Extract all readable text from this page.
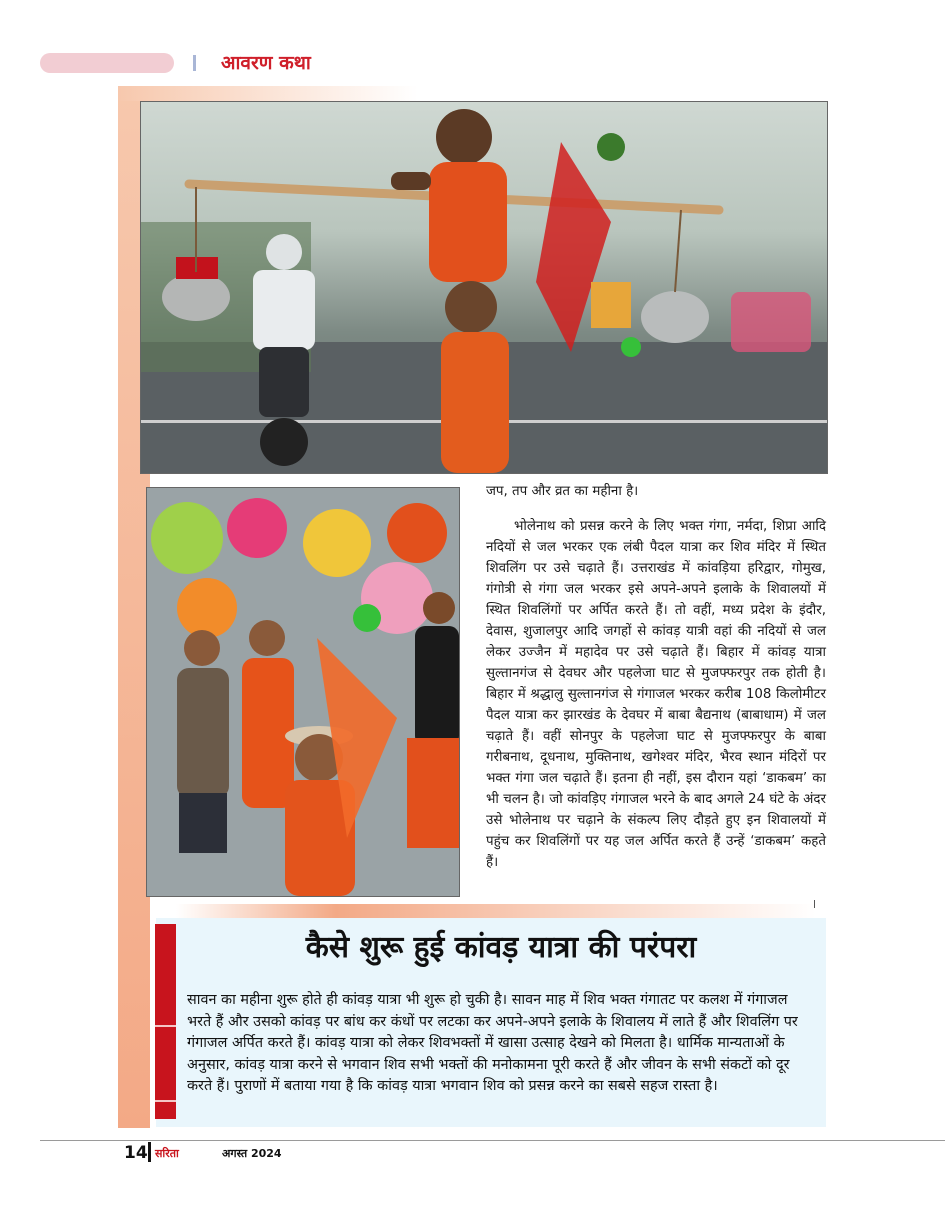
आवरण कथा

जप, तप और व्रत का महीना है।

भोलेनाथ को प्रसन्न करने के लिए भक्त गंगा, नर्मदा, शिप्रा आदि नदियों से जल भरकर एक लंबी पैदल यात्रा कर शिव मंदिर में स्थित शिवलिंग पर उसे चढ़ाते हैं। उत्तराखंड में कांवड़िया हरिद्वार, गोमुख, गंगोत्री से गंगा जल भरकर इसे अपने-अपने इलाके के शिवालयों में स्थित शिवलिंगों पर अर्पित करते हैं। तो वहीं, मध्य प्रदेश के इंदौर, देवास, शुजालपुर आदि जगहों से कांवड़ यात्री वहां की नदियों से जल लेकर उज्जैन में महादेव पर उसे चढ़ाते हैं। बिहार में कांवड़ यात्रा सुल्तानगंज से देवघर और पहलेजा घाट से मुजफ्फरपुर तक होती है। बिहार में श्रद्धालु सुल्तानगंज से गंगाजल भरकर करीब 108 किलोमीटर पैदल यात्रा कर झारखंड के देवघर में बाबा बैद्यनाथ (बाबाधाम) में जल चढ़ाते हैं। वहीं सोनपुर के पहलेजा घाट से मुजफ्फरपुर के बाबा गरीबनाथ, दूधनाथ, मुक्तिनाथ, खगेश्वर मंदिर, भैरव स्थान मंदिरों पर भक्त गंगा जल चढ़ाते हैं। इतना ही नहीं, इस दौरान यहां ‘डाकबम’ का भी चलन है। जो कांवड़िए गंगाजल भरने के बाद अगले 24 घंटे के अंदर उसे भोलेनाथ पर चढ़ाने के संकल्प लिए दौड़ते हुए इन शिवालयों में पहुंच कर शिवलिंगों पर यह जल अर्पित करते हैं उन्हें ‘डाकबम’ कहते हैं।

कैसे शुरू हुई कांवड़ यात्रा की परंपरा
सावन का महीना शुरू होते ही कांवड़ यात्रा भी शुरू हो चुकी है। सावन माह में शिव भक्त गंगातट पर कलश में गंगाजल भरते हैं और उसको कांवड़ पर बांध कर कंधों पर लटका कर अपने-अपने इलाके के शिवालय में लाते हैं और शिवलिंग पर गंगाजल अर्पित करते हैं। कांवड़ यात्रा को लेकर शिवभक्तों में खासा उत्साह देखने को मिलता है। धार्मिक मान्यताओं के अनुसार, कांवड़ यात्रा करने से भगवान शिव सभी भक्तों की मनोकामना पूरी करते हैं और जीवन के सभी संकटों को दूर करते हैं। पुराणों में बताया गया है कि कांवड़ यात्रा भगवान शिव को प्रसन्न करने का सबसे सहज रास्ता है।
14 सरिता	अगस्त 2024
